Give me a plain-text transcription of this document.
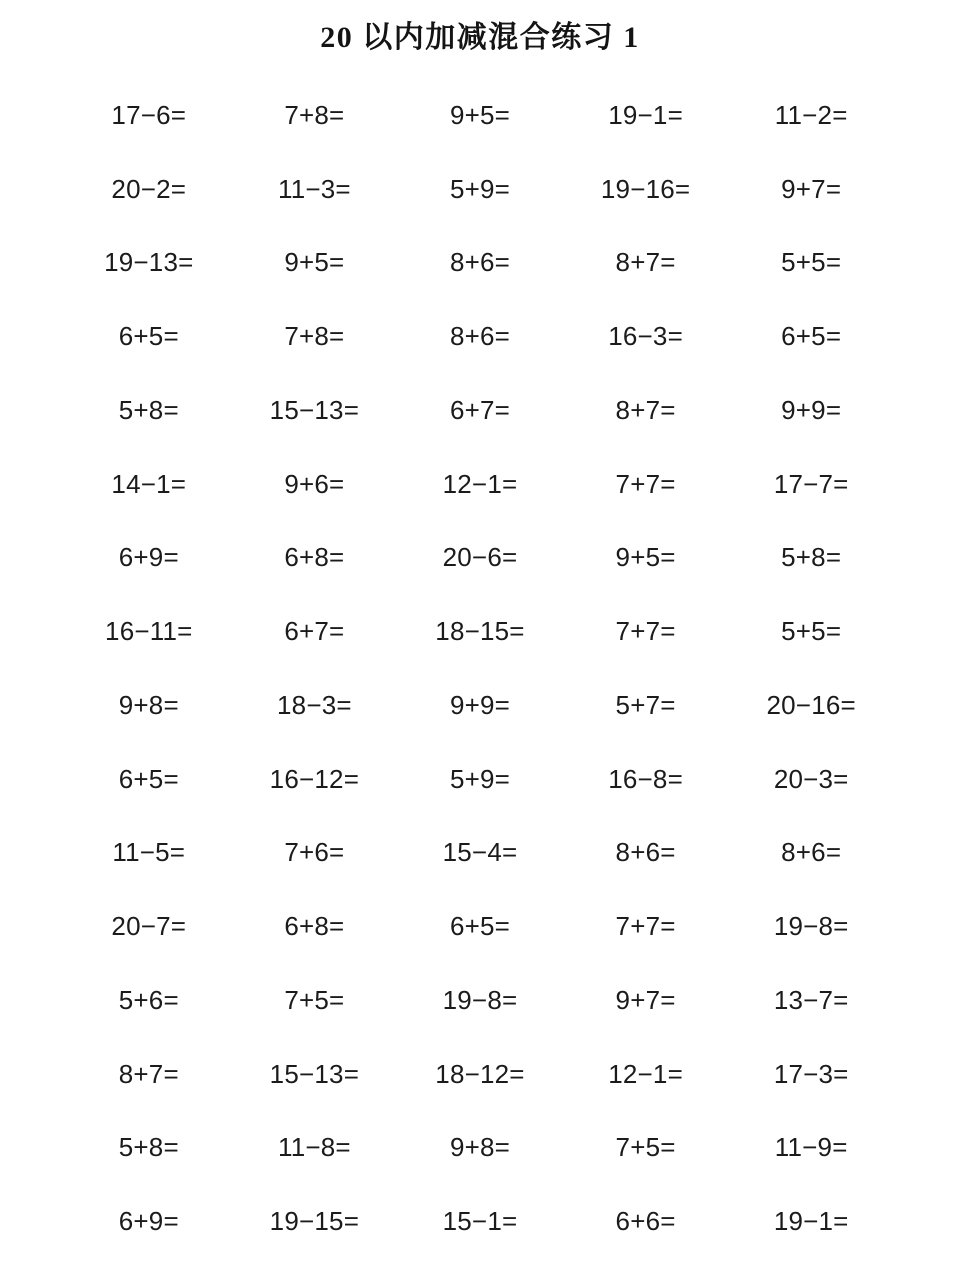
20 以内加减混合练习 1
17−6=	7+8=	9+5=	19−1=	11−2=
20−2=	11−3=	5+9=	19−16=	9+7=
19−13=	9+5=	8+6=	8+7=	5+5=
6+5=	7+8=	8+6=	16−3=	6+5=
5+8=	15−13=	6+7=	8+7=	9+9=
14−1=	9+6=	12−1=	7+7=	17−7=
6+9=	6+8=	20−6=	9+5=	5+8=
16−11=	6+7=	18−15=	7+7=	5+5=
9+8=	18−3=	9+9=	5+7=	20−16=
6+5=	16−12=	5+9=	16−8=	20−3=
11−5=	7+6=	15−4=	8+6=	8+6=
20−7=	6+8=	6+5=	7+7=	19−8=
5+6=	7+5=	19−8=	9+7=	13−7=
8+7=	15−13=	18−12=	12−1=	17−3=
5+8=	11−8=	9+8=	7+5=	11−9=
6+9=	19−15=	15−1=	6+6=	19−1=
